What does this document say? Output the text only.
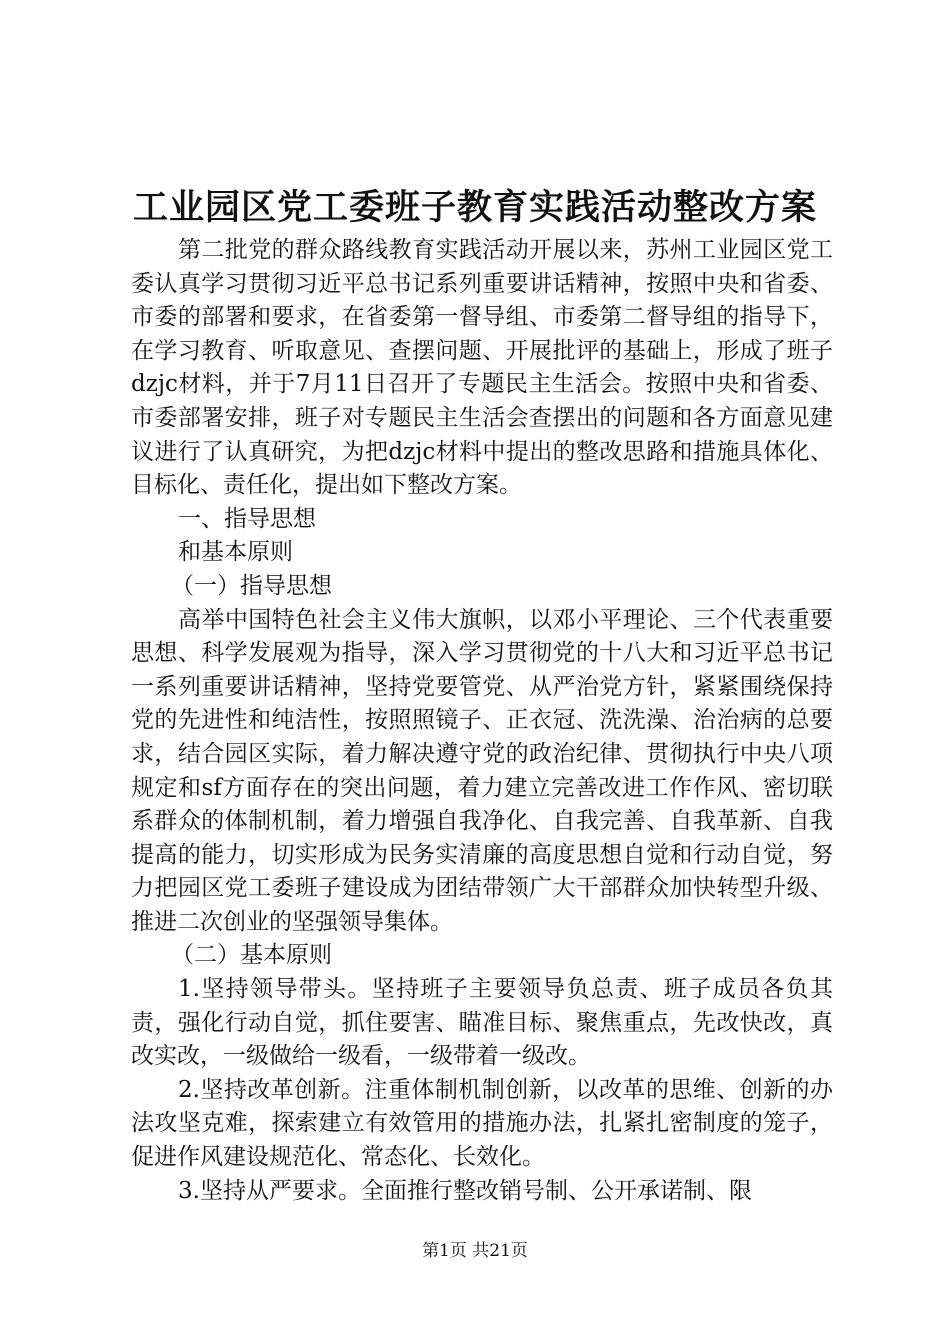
工业园区党工委班子教育实践活动整改方案

第二批党的群众路线教育实践活动开展以来，苏州工业园区党工委认真学习贯彻习近平总书记系列重要讲话精神，按照中央和省委、市委的部署和要求，在省委第一督导组、市委第二督导组的指导下，在学习教育、听取意见、查摆问题、开展批评的基础上，形成了班子dzjc材料，并于7月11日召开了专题民主生活会。按照中央和省委、市委部署安排，班子对专题民主生活会查摆出的问题和各方面意见建议进行了认真研究，为把dzjc材料中提出的整改思路和措施具体化、目标化、责任化，提出如下整改方案。

一、指导思想

和基本原则

（一）指导思想

高举中国特色社会主义伟大旗帜，以邓小平理论、三个代表重要思想、科学发展观为指导，深入学习贯彻党的十八大和习近平总书记一系列重要讲话精神，坚持党要管党、从严治党方针，紧紧围绕保持党的先进性和纯洁性，按照照镜子、正衣冠、洗洗澡、治治病的总要求，结合园区实际，着力解决遵守党的政治纪律、贯彻执行中央八项规定和sf方面存在的突出问题，着力建立完善改进工作作风、密切联系群众的体制机制，着力增强自我净化、自我完善、自我革新、自我提高的能力，切实形成为民务实清廉的高度思想自觉和行动自觉，努力把园区党工委班子建设成为团结带领广大干部群众加快转型升级、推进二次创业的坚强领导集体。

（二）基本原则

1.坚持领导带头。坚持班子主要领导负总责、班子成员各负其责，强化行动自觉，抓住要害、瞄准目标、聚焦重点，先改快改，真改实改，一级做给一级看，一级带着一级改。

2.坚持改革创新。注重体制机制创新，以改革的思维、创新的办法攻坚克难，探索建立有效管用的措施办法，扎紧扎密制度的笼子，促进作风建设规范化、常态化、长效化。

3.坚持从严要求。全面推行整改销号制、公开承诺制、限

第1页 共21页
